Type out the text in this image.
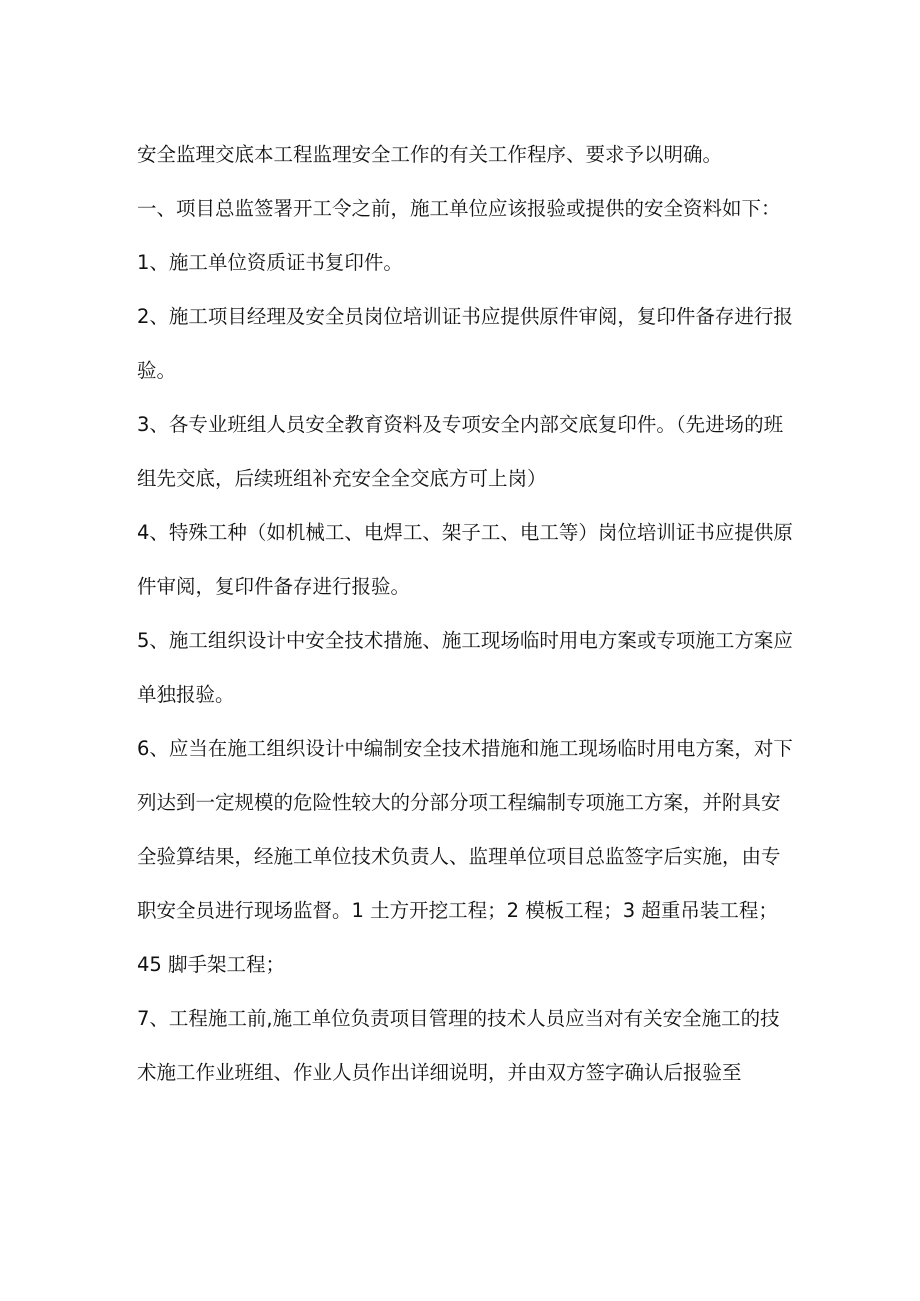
安全监理交底本工程监理安全工作的有关工作程序、要求予以明确。

一、项目总监签署开工令之前，施工单位应该报验或提供的安全资料如下：

1、施工单位资质证书复印件。

2、施工项目经理及安全员岗位培训证书应提供原件审阅，复印件备存进行报验。

3、各专业班组人员安全教育资料及专项安全内部交底复印件。（先进场的班组先交底，后续班组补充安全全交底方可上岗）

4、特殊工种（如机械工、电焊工、架子工、电工等）岗位培训证书应提供原件审阅，复印件备存进行报验。

5、施工组织设计中安全技术措施、施工现场临时用电方案或专项施工方案应单独报验。

6、应当在施工组织设计中编制安全技术措施和施工现场临时用电方案，对下列达到一定规模的危险性较大的分部分项工程编制专项施工方案，并附具安全验算结果，经施工单位技术负责人、监理单位项目总监签字后实施，由专职安全员进行现场监督。1 土方开挖工程；2 模板工程；3 超重吊装工程；45 脚手架工程；

7、工程施工前,施工单位负责项目管理的技术人员应当对有关安全施工的技术施工作业班组、作业人员作出详细说明，并由双方签字确认后报验至
